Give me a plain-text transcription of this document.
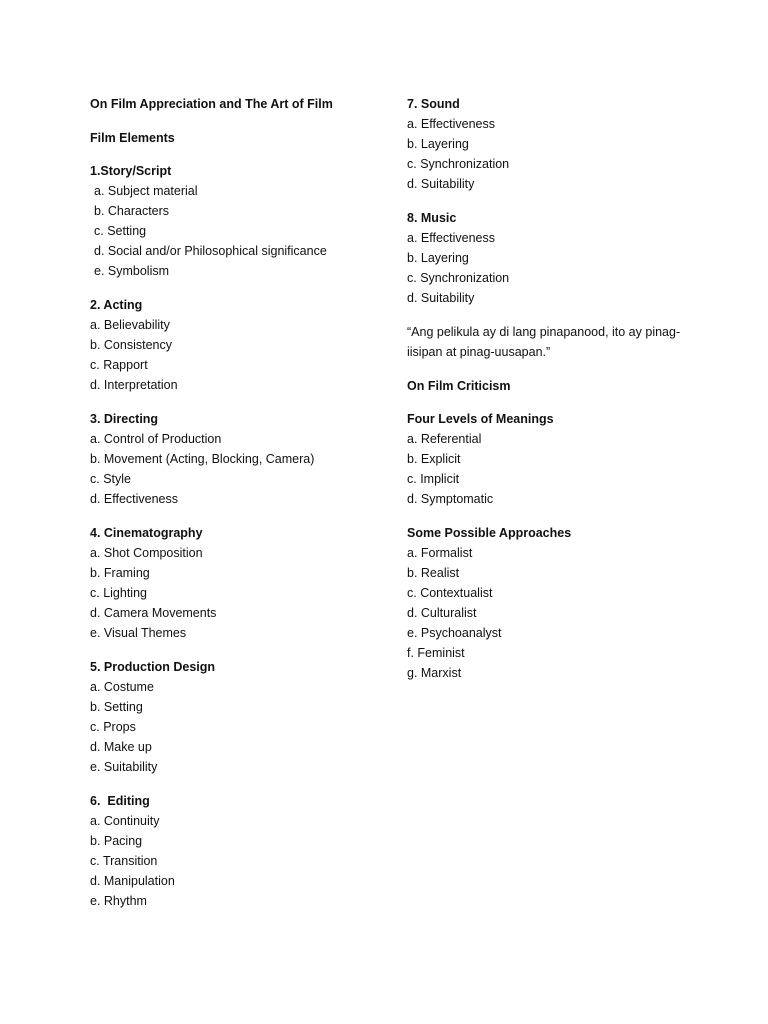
On Film Appreciation and The Art of Film
Film Elements
1.Story/Script
a. Subject material
b. Characters
c. Setting
d. Social and/or Philosophical significance
e. Symbolism
2. Acting
a. Believability
b. Consistency
c. Rapport
d. Interpretation
3. Directing
a. Control of Production
b. Movement (Acting, Blocking, Camera)
c. Style
d. Effectiveness
4. Cinematography
a. Shot Composition
b. Framing
c. Lighting
d. Camera Movements
e. Visual Themes
5. Production Design
a. Costume
b. Setting
c. Props
d. Make up
e. Suitability
6.  Editing
a. Continuity
b. Pacing
c. Transition
d. Manipulation
e. Rhythm
7. Sound
a. Effectiveness
b. Layering
c. Synchronization
d. Suitability
8. Music
a. Effectiveness
b. Layering
c. Synchronization
d. Suitability
“Ang pelikula ay di lang pinapanood, ito ay pinag-iisipan at pinag-uusapan.”
On Film Criticism
Four Levels of Meanings
a. Referential
b. Explicit
c. Implicit
d. Symptomatic
Some Possible Approaches
a. Formalist
b. Realist
c. Contextualist
d. Culturalist
e. Psychoanalyst
f. Feminist
g. Marxist
